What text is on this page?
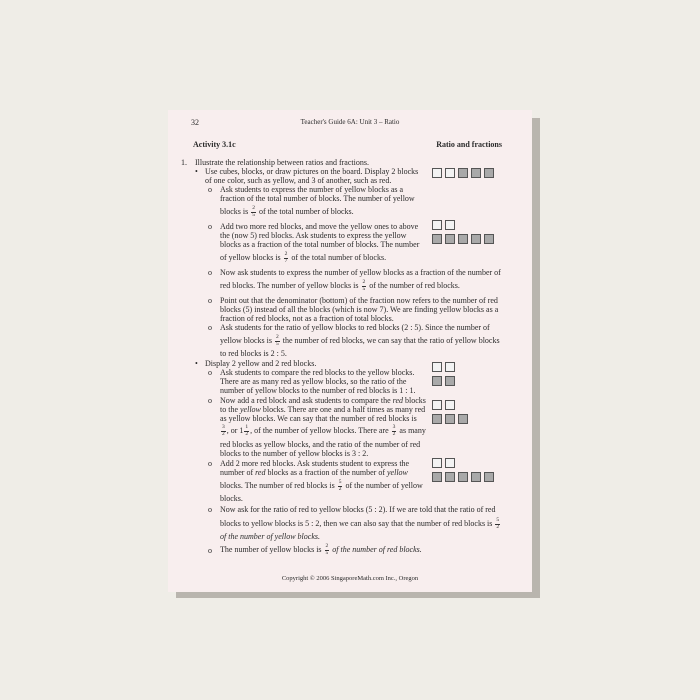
32	Teacher's Guide 6A: Unit 3 – Ratio
Activity 3.1c	Ratio and fractions
1. Illustrate the relationship between ratios and fractions.
• Use cubes, blocks, or draw pictures on the board. Display 2 blocks
of one color, such as yellow, and 3 of another, such as red.
o Ask students to express the number of yellow blocks as a
fraction of the total number of blocks. The number of yellow
blocks is $\frac{2}{5}$ of the total number of blocks.
o Add two more red blocks, and move the yellow ones to above
the (now 5) red blocks. Ask students to express the yellow
blocks as a fraction of the total number of blocks. The number
of yellow blocks is $\frac{2}{7}$ of the total number of blocks.
o Now ask students to express the number of yellow blocks as a fraction of the number of
red blocks. The number of yellow blocks is $\frac{2}{5}$ of the number of red blocks.
o Point out that the denominator (bottom) of the fraction now refers to the number of red
blocks (5) instead of all the blocks (which is now 7). We are finding yellow blocks as a
fraction of red blocks, not as a fraction of total blocks.
o Ask students for the ratio of yellow blocks to red blocks (2 : 5). Since the number of
yellow blocks is $\frac{2}{5}$ the number of red blocks, we can say that the ratio of yellow blocks
to red blocks is 2 : 5.
• Display 2 yellow and 2 red blocks.
o Ask students to compare the red blocks to the yellow blocks.
There are as many red as yellow blocks, so the ratio of the
number of yellow blocks to the number of red blocks is 1 : 1.
o Now add a red block and ask students to compare the red blocks
to the yellow blocks. There are one and a half times as many red
as yellow blocks. We can say that the number of red blocks is
$\frac{3}{2}$ , or $1 \frac{1}{2}$ , of the number of yellow blocks. There are $\frac{3}{2}$ as many
red blocks as yellow blocks, and the ratio of the number of red
blocks to the number of yellow blocks is 3 : 2.
o Add 2 more red blocks. Ask students student to express the
number of red blocks as a fraction of the number of yellow
blocks. The number of red blocks is $\frac{5}{2}$ of the number of yellow
blocks.
o Now ask for the ratio of red to yellow blocks (5 : 2). If we are told that the ratio of red
blocks to yellow blocks is 5 : 2, then we can also say that the number of red blocks is $\frac{5}{2}$
of the number of yellow blocks.
o The number of yellow blocks is $\frac{2}{5}$ of the number of red blocks.
Copyright © 2006 SingaporeMath.com Inc., Oregon
